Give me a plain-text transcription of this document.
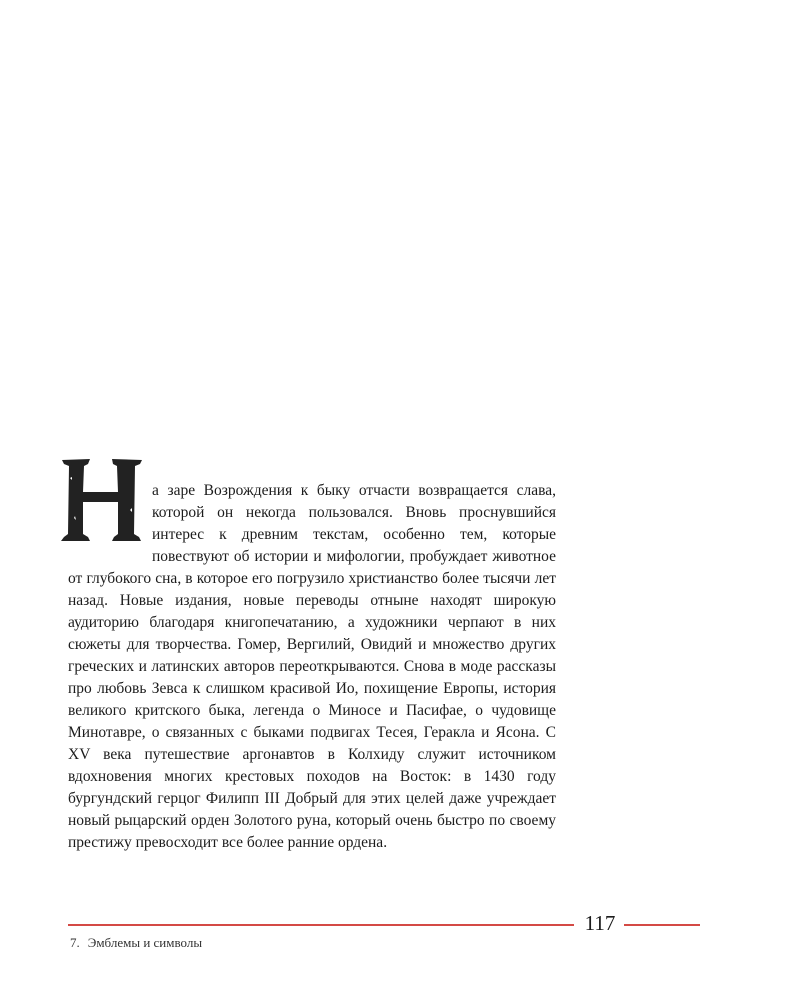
Н

а заре Возрождения к быку отчасти возвращается слава, которой он некогда пользовался. Вновь проснувшийся интерес к древним текстам, особенно тем, которые повествуют об истории и мифологии, пробуждает животное от глубокого сна, в которое его погрузило христианство более тысячи лет назад. Новые издания, новые переводы отныне находят широкую аудиторию благодаря книгопечатанию, а художники черпают в них сюжеты для творчества. Гомер, Вергилий, Овидий и множество других греческих и латинских авторов переоткрываются. Снова в моде рассказы про любовь Зевса к слишком красивой Ио, похищение Европы, история великого критского быка, легенда о Миносе и Пасифае, о чудовище Минотавре, о связанных с быками подвигах Тесея, Геракла и Ясона. С XV века путешествие аргонавтов в Колхиду служит источником вдохновения многих крестовых походов на Восток: в 1430 году бургундский герцог Филипп III Добрый для этих целей даже учреждает новый рыцарский орден Золотого руна, который очень быстро по своему престижу превосходит все более ранние ордена.

117
7. Эмблемы и символы
